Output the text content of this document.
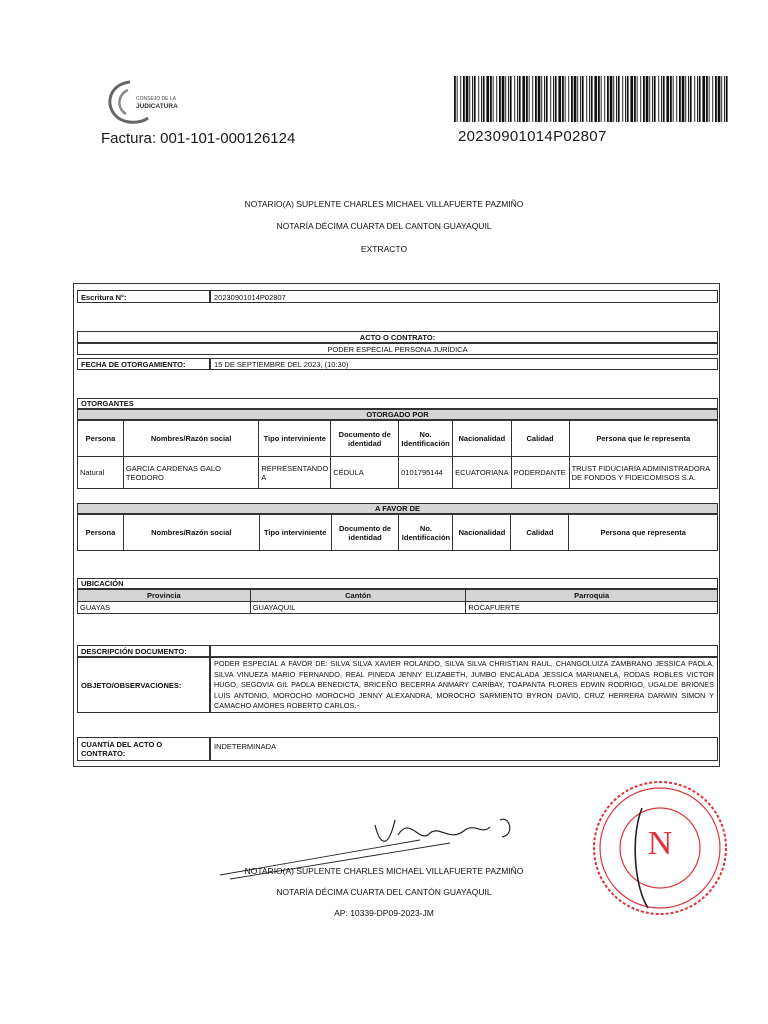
CONSEJO DE LA
JUDICATURA
Factura: 001-101-000126124	20230901014P02807
NOTARIO(A) SUPLENTE CHARLES MICHAEL VILLAFUERTE PAZMIÑO
NOTARÍA DÉCIMA CUARTA DEL CANTON GUAYAQUIL
EXTRACTO
Escritura N°:	20230901014P02807
ACTO O CONTRATO:
PODER ESPECIAL PERSONA JURÍDICA
FECHA DE OTORGAMIENTO:	15 DE SEPTIEMBRE DEL 2023, (10:30)
OTORGANTES
OTORGADO POR
Persona	Nombres/Razón social	Tipo interviniente	Documento de identidad	No. Identificación	Nacionalidad	Calidad	Persona que le representa
Natural	GARCIA CARDENAS GALO TEODORO	REPRESENTANDO A	CÉDULA	0101795144	ECUATORIANA	PODERDANTE	TRUST FIDUCIARIA ADMINISTRADORA DE FONDOS Y FIDEICOMISOS S.A.
A FAVOR DE
Persona	Nombres/Razón social	Tipo interviniente	Documento de identidad	No. Identificación	Nacionalidad	Calidad	Persona que representa
UBICACIÓN
Provincia	Cantón	Parroquia
GUAYAS	GUAYAQUIL	ROCAFUERTE
DESCRIPCIÓN DOCUMENTO:
OBJETO/OBSERVACIONES:
PODER ESPECIAL A FAVOR DE: SILVA SILVA XAVIER ROLANDO, SILVA SILVA CHRISTIAN RAUL, CHANGOLUIZA ZAMBRANO JESSICA PAOLA, SILVA VINUEZA MARIO FERNANDO, REAL PINEDA JENNY ELIZABETH, JUMBO ENCALADA JESSICA MARIANELA, RODAS ROBLES VICTOR HUGO, SEGOVIA GIL PAOLA BENEDICTA, BRICEÑO BECERRA ANMARY CARIBAY, TOAPANTA FLORES EDWIN RODRIGO, UGALDE BRIONES LUIS ANTONIO, MOROCHO MOROCHO JENNY ALEXANDRA, MOROCHO SARMIENTO BYRON DAVID, CRUZ HERRERA DARWIN SIMON Y CAMACHO AMORES ROBERTO CARLOS.-
CUANTÍA DEL ACTO O CONTRATO:
INDETERMINADA
NOTARIO(A) SUPLENTE CHARLES MICHAEL VILLAFUERTE PAZMIÑO
NOTARÍA DÉCIMA CUARTA DEL CANTÓN GUAYAQUIL
AP: 10339-DP09-2023-JM
N
